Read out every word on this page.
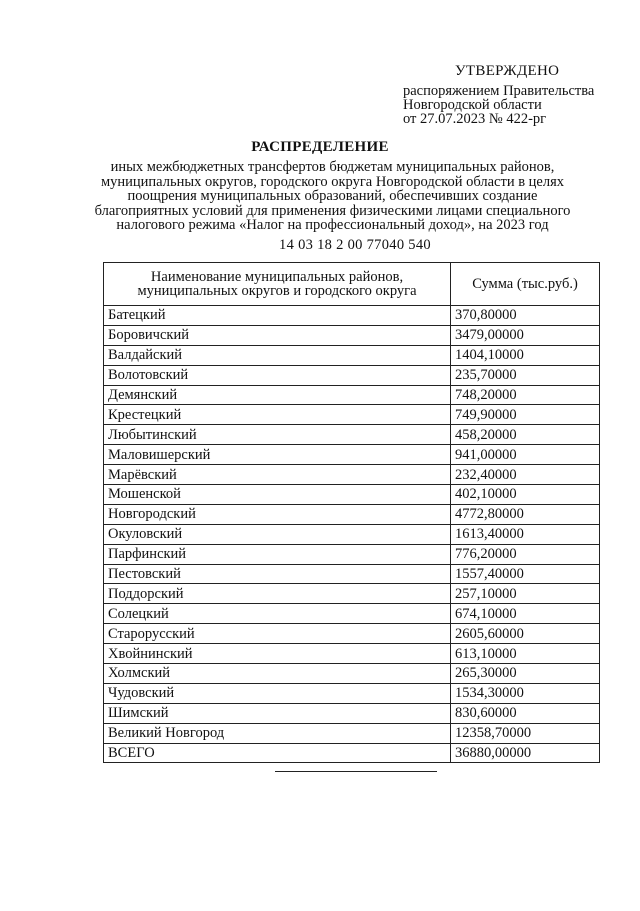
УТВЕРЖДЕНО
распоряжением Правительства
Новгородской области
от 27.07.2023 № 422-рг
РАСПРЕДЕЛЕНИЕ
иных межбюджетных трансфертов бюджетам муниципальных районов,
муниципальных округов, городского округа Новгородской области в целях
поощрения муниципальных образований, обеспечивших создание
благоприятных условий для применения физическими лицами специального
налогового режима «Налог на профессиональный доход», на 2023 год
14 03 18 2 00 77040 540
Наименование муниципальных районов,
муниципальных округов и городского округа	Сумма (тыс.руб.)
Батецкий	370,80000
Боровичский	3479,00000
Валдайский	1404,10000
Волотовский	235,70000
Демянский	748,20000
Крестецкий	749,90000
Любытинский	458,20000
Маловишерский	941,00000
Марёвский	232,40000
Мошенской	402,10000
Новгородский	4772,80000
Окуловский	1613,40000
Парфинский	776,20000
Пестовский	1557,40000
Поддорский	257,10000
Солецкий	674,10000
Старорусский	2605,60000
Хвойнинский	613,10000
Холмский	265,30000
Чудовский	1534,30000
Шимский	830,60000
Великий Новгород	12358,70000
ВСЕГО	36880,00000
